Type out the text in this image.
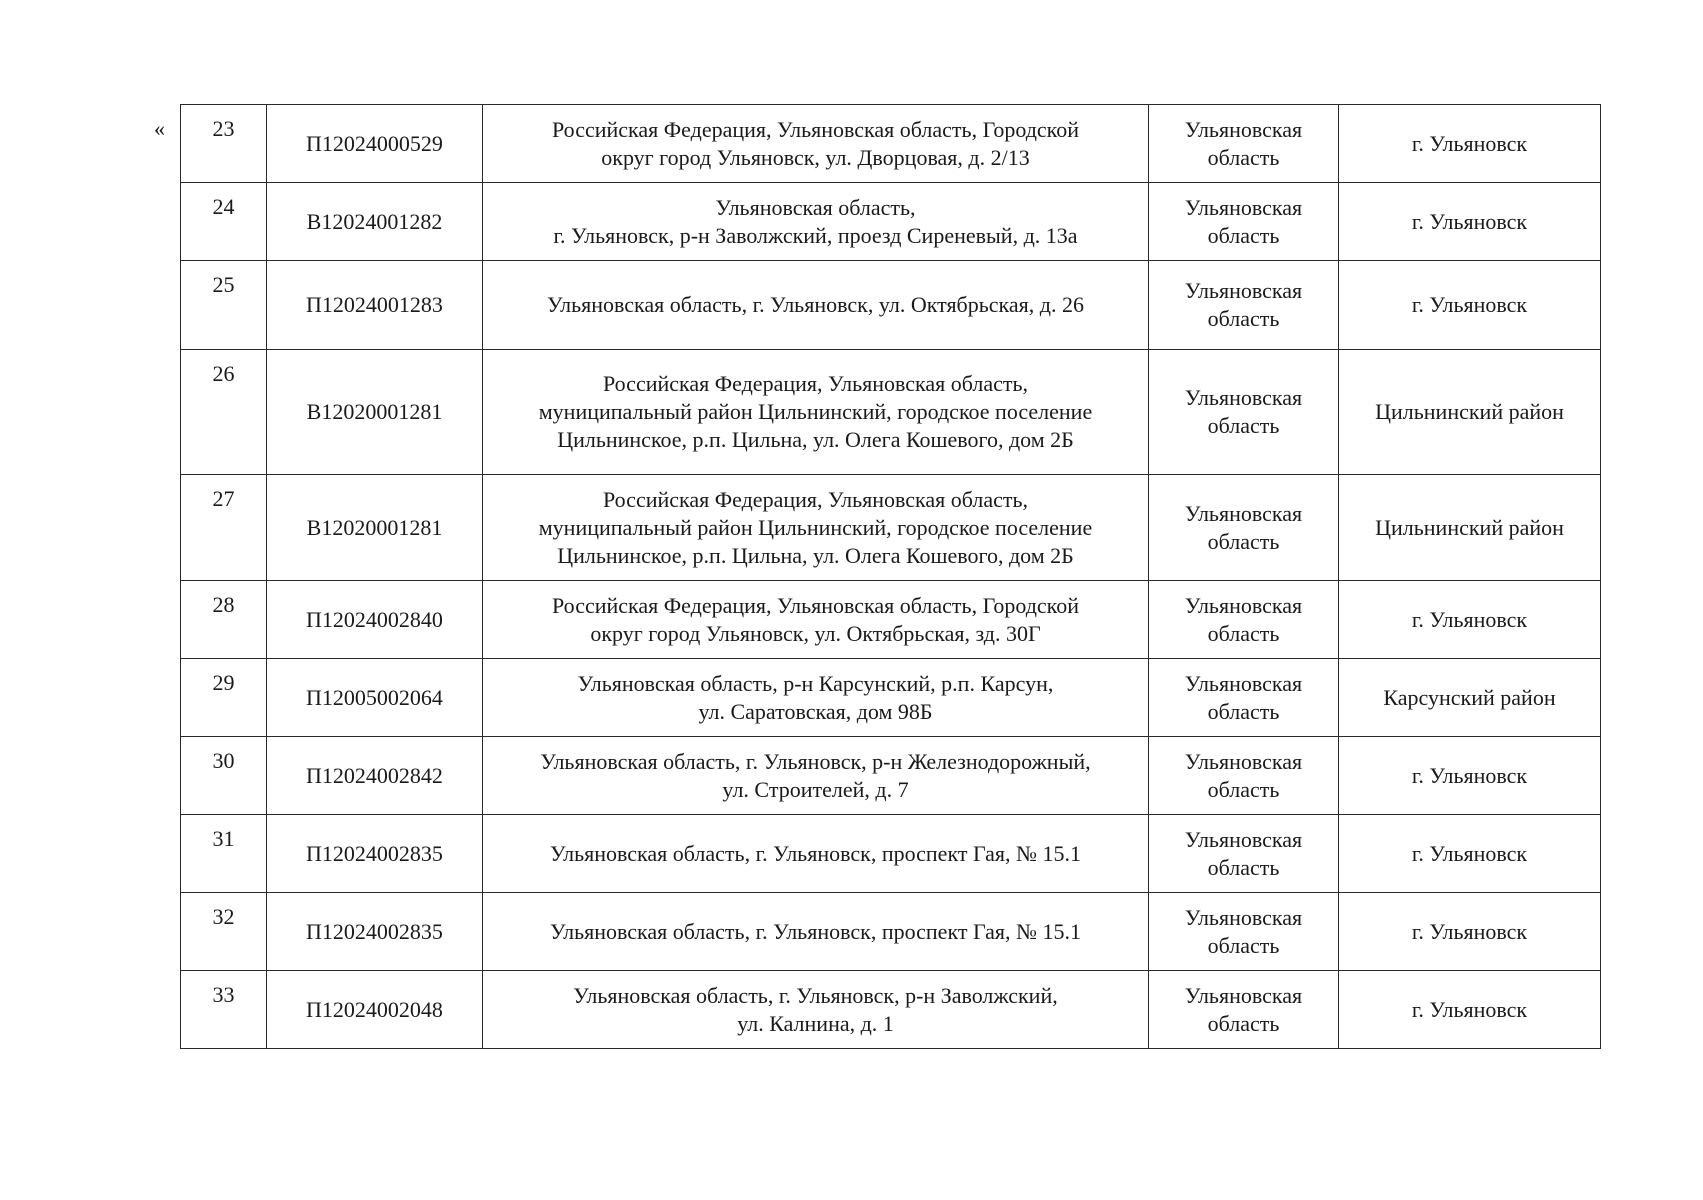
« 23	П12024000529	Российская Федерация, Ульяновская область, Городской
округ город Ульяновск, ул. Дворцовая, д. 2/13	Ульяновская
область	г. Ульяновск
24	В12024001282	Ульяновская область,
г. Ульяновск, р-н Заволжский, проезд Сиреневый, д. 13а	Ульяновская
область	г. Ульяновск
25	П12024001283	Ульяновская область, г. Ульяновск, ул. Октябрьская, д. 26	Ульяновская
область	г. Ульяновск
26	В12020001281	Российская Федерация, Ульяновская область,
муниципальный район Цильнинский, городское поселение
Цильнинское, р.п. Цильна, ул. Олега Кошевого, дом 2Б	Ульяновская
область	Цильнинский район
27	В12020001281	Российская Федерация, Ульяновская область,
муниципальный район Цильнинский, городское поселение
Цильнинское, р.п. Цильна, ул. Олега Кошевого, дом 2Б	Ульяновская
область	Цильнинский район
28	П12024002840	Российская Федерация, Ульяновская область, Городской
округ город Ульяновск, ул. Октябрьская, зд. 30Г	Ульяновская
область	г. Ульяновск
29	П12005002064	Ульяновская область, р-н Карсунский, р.п. Карсун,
ул. Саратовская, дом 98Б	Ульяновская
область	Карсунский район
30	П12024002842	Ульяновская область, г. Ульяновск, р-н Железнодорожный,
ул. Строителей, д. 7	Ульяновская
область	г. Ульяновск
31	П12024002835	Ульяновская область, г. Ульяновск, проспект Гая, № 15.1	Ульяновская
область	г. Ульяновск
32	П12024002835	Ульяновская область, г. Ульяновск, проспект Гая, № 15.1	Ульяновская
область	г. Ульяновск
33	П12024002048	Ульяновская область, г. Ульяновск, р-н Заволжский,
ул. Калнина, д. 1	Ульяновская
область	г. Ульяновск
